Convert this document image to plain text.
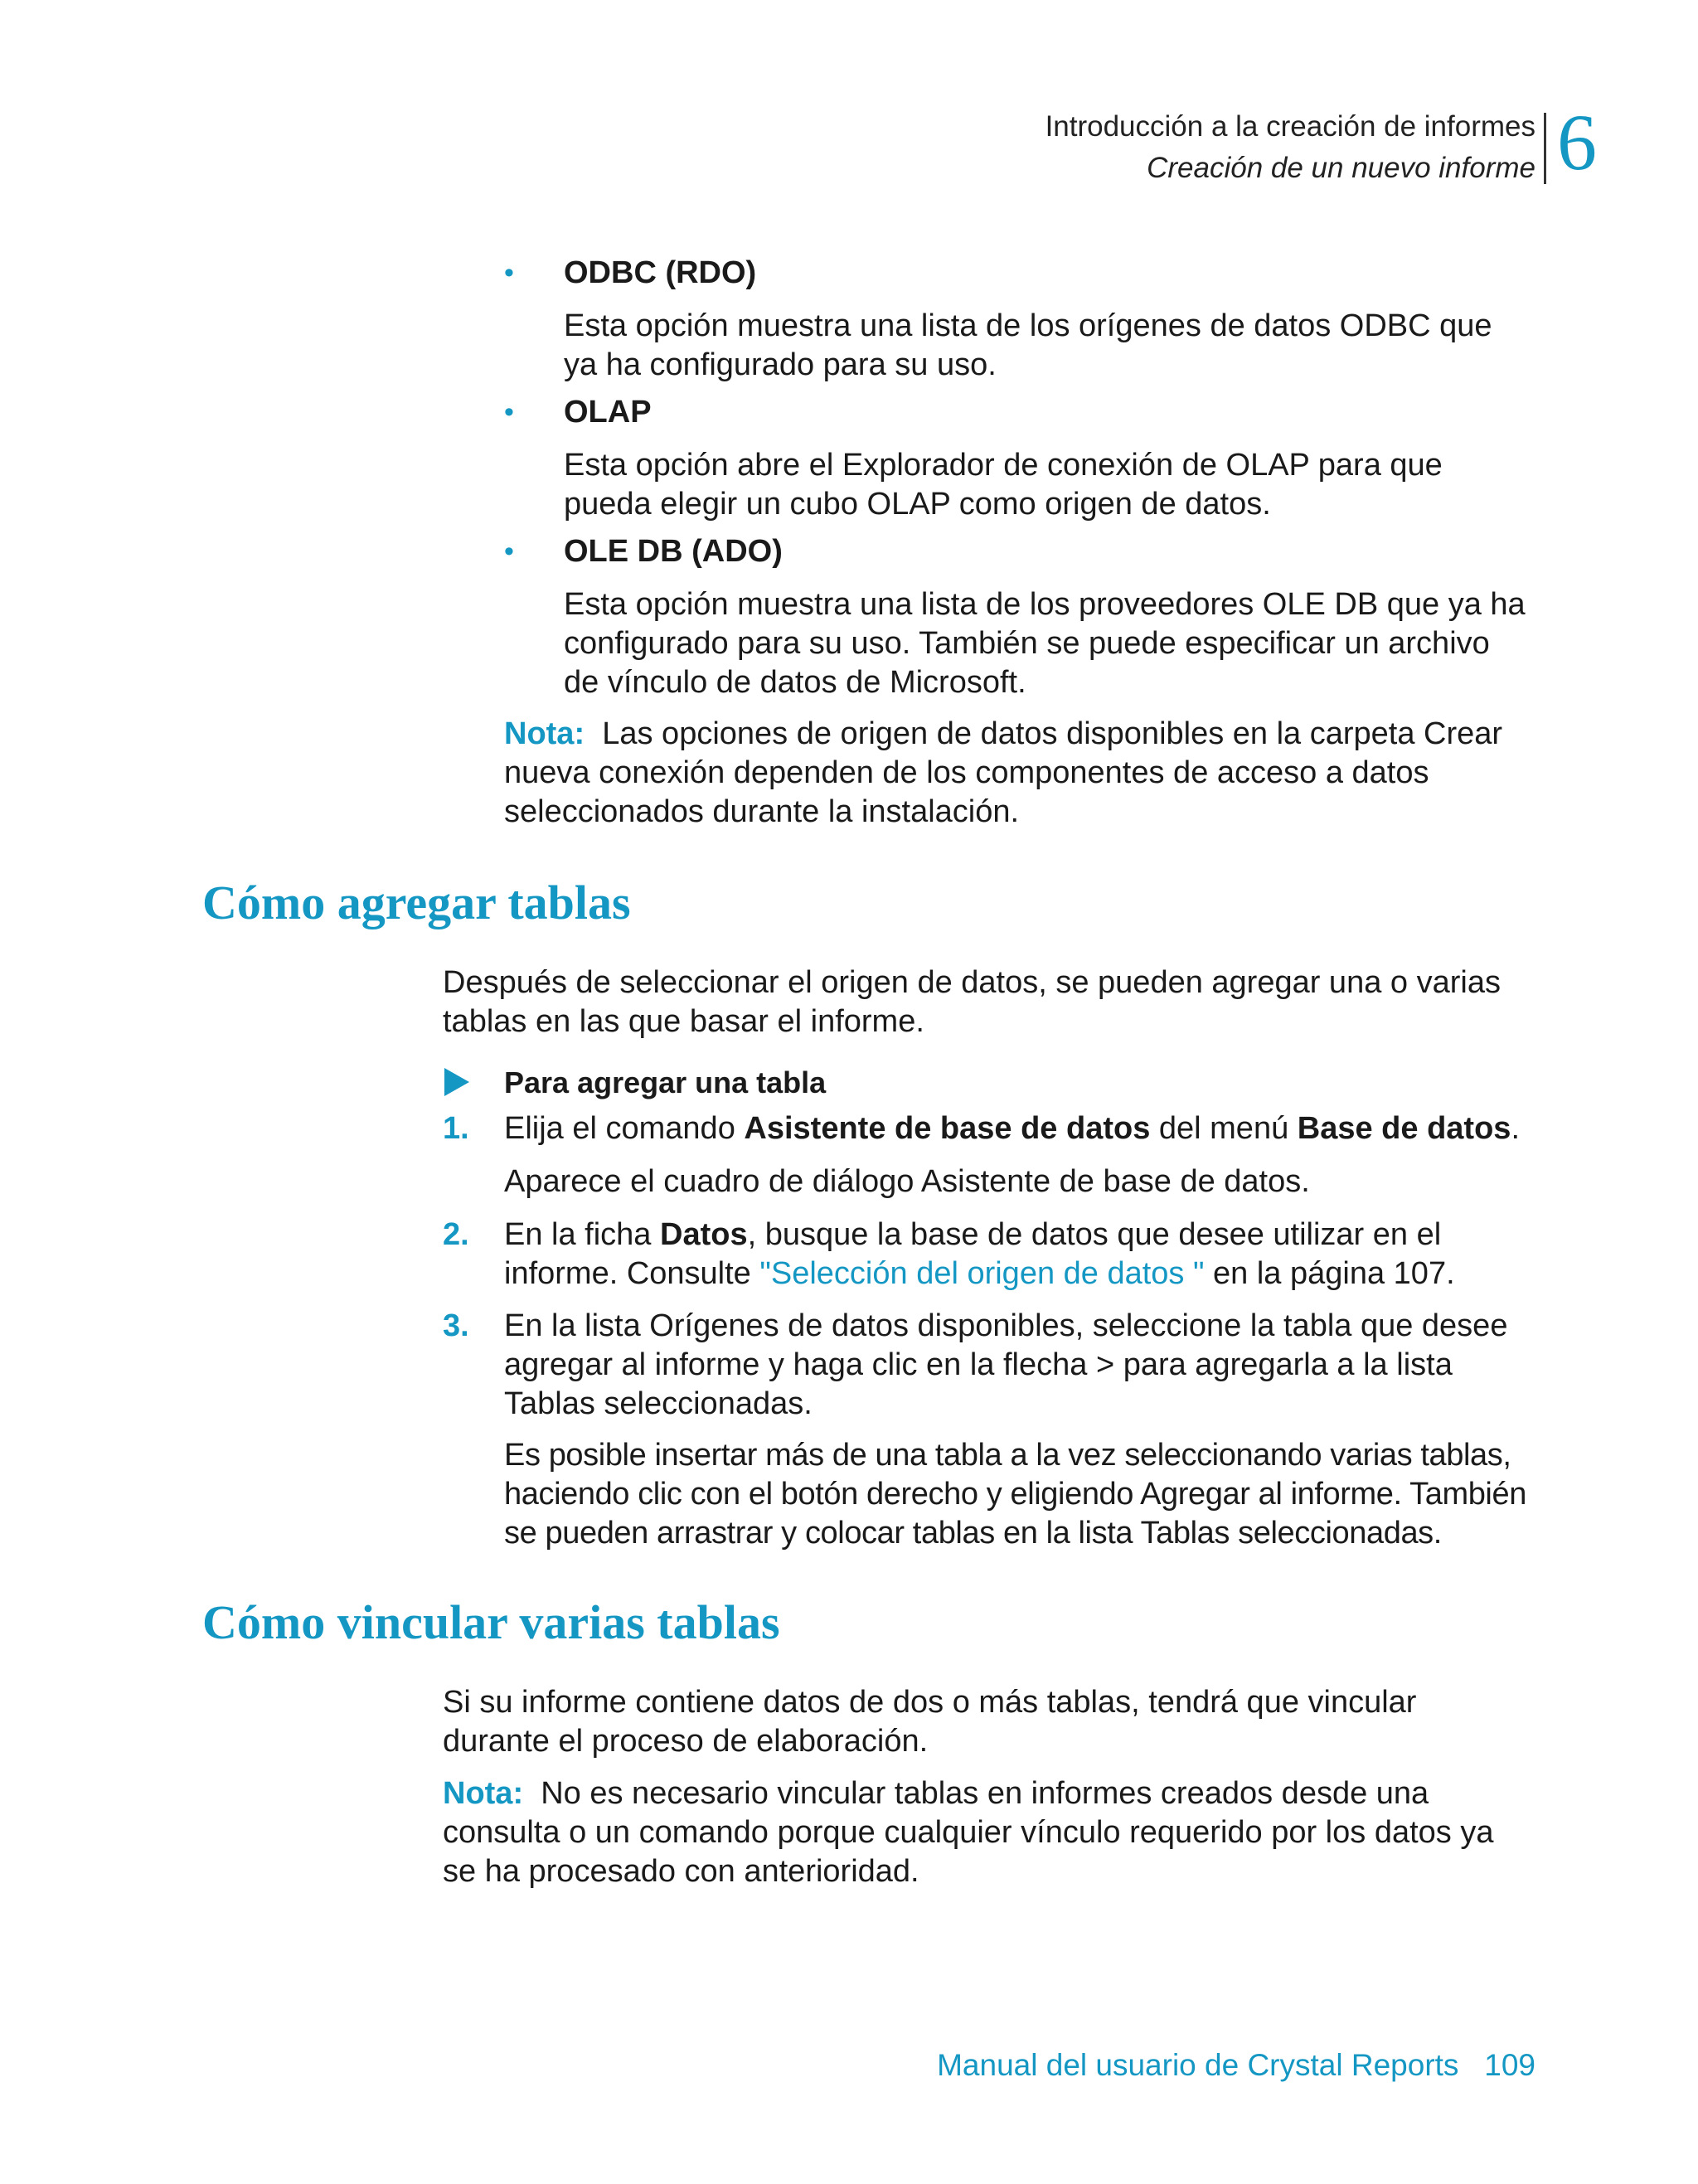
Introducción a la creación de informes
Creación de un nuevo informe 6
• ODBC (RDO)

Esta opción muestra una lista de los orígenes de datos ODBC que

ya ha configurado para su uso.

• OLAP

Esta opción abre el Explorador de conexión de OLAP para que

pueda elegir un cubo OLAP como origen de datos.

• OLE DB (ADO)

Esta opción muestra una lista de los proveedores OLE DB que ya ha

configurado para su uso. También se puede especificar un archivo

de vínculo de datos de Microsoft.

Nota: Las opciones de origen de datos disponibles en la carpeta Crear

nueva conexión dependen de los componentes de acceso a datos

seleccionados durante la instalación.

Cómo agregar tablas

Después de seleccionar el origen de datos, se pueden agregar una o varias

tablas en las que basar el informe.

Para agregar una tabla
1. Elija el comando Asistente de base de datos del menú Base de datos.

Aparece el cuadro de diálogo Asistente de base de datos.
2. En la ficha Datos, busque la base de datos que desee utilizar en el

informe. Consulte "Selección del origen de datos " en la página 107.

3. En la lista Orígenes de datos disponibles, seleccione la tabla que desee

agregar al informe y haga clic en la flecha > para agregarla a la lista

Tablas seleccionadas.

Es posible insertar más de una tabla a la vez seleccionando varias tablas,

haciendo clic con el botón derecho y eligiendo Agregar al informe. También

se pueden arrastrar y colocar tablas en la lista Tablas seleccionadas.

Cómo vincular varias tablas

Si su informe contiene datos de dos o más tablas, tendrá que vincular

durante el proceso de elaboración.

Nota: No es necesario vincular tablas en informes creados desde una

consulta o un comando porque cualquier vínculo requerido por los datos ya

se ha procesado con anterioridad.

Manual del usuario de Crystal Reports 109
